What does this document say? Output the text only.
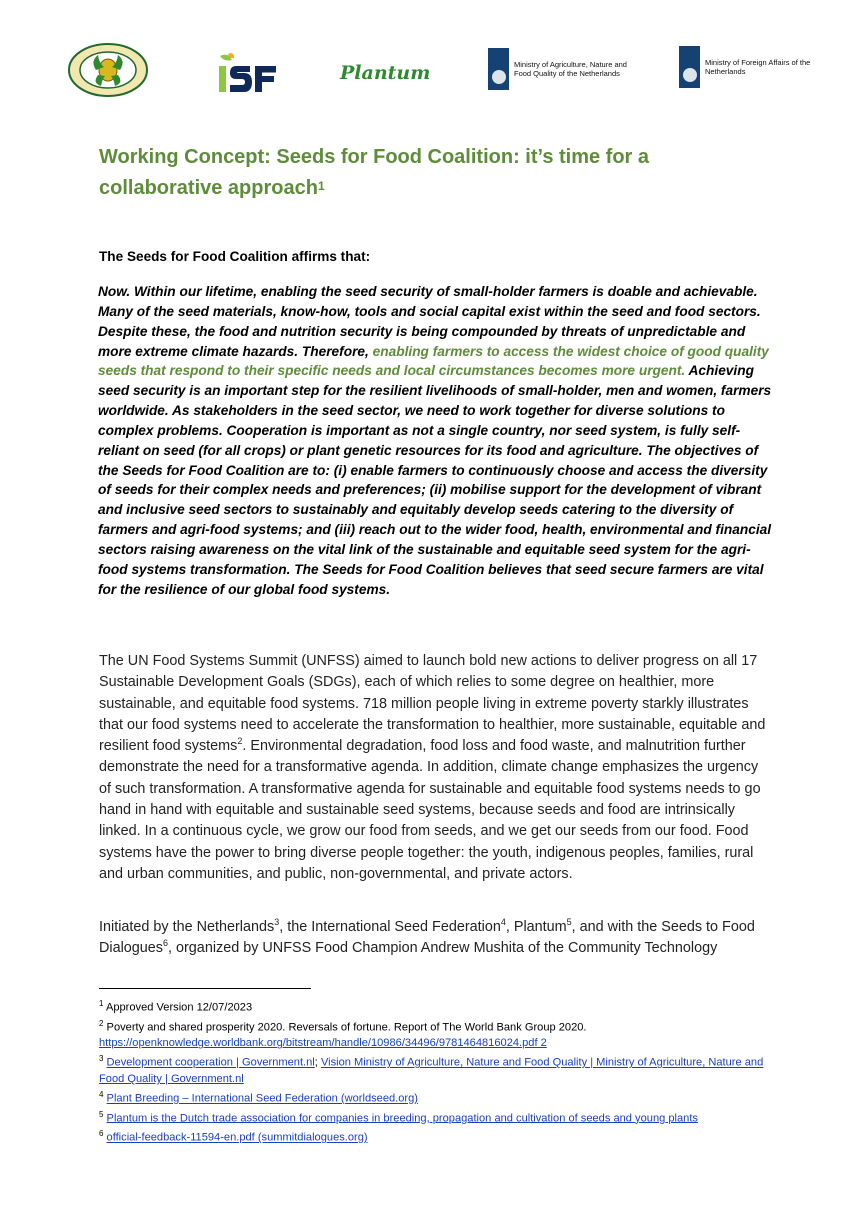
Plantum	Ministry of Agriculture, Nature and Food Quality of the Netherlands
Ministry of Foreign Affairs of the Netherlands
Working Concept: Seeds for Food Coalition: it’s time for a collaborative approach$^1$

The Seeds for Food Coalition affirms that:

Now. Within our lifetime, enabling the seed security of small-holder farmers is doable and achievable. Many of the seed materials, know-how, tools and social capital exist within the seed and food sectors. Despite these, the food and nutrition security is being compounded by threats of unpredictable and more extreme climate hazards. Therefore, enabling farmers to access the widest choice of good quality seeds that respond to their specific needs and local circumstances becomes more urgent. Achieving seed security is an important step for the resilient livelihoods of small-holder, men and women, farmers worldwide. As stakeholders in the seed sector, we need to work together for diverse solutions to complex problems. Cooperation is important as not a single country, nor seed system, is fully self-reliant on seed (for all crops) or plant genetic resources for its food and agriculture. The objectives of the Seeds for Food Coalition are to: (i) enable farmers to continuously choose and access the diversity of seeds for their complex needs and preferences; (ii) mobilise support for the development of vibrant and inclusive seed sectors to sustainably and equitably develop seeds catering to the diversity of farmers and agri-food systems; and (iii) reach out to the wider food, health, environmental and financial sectors raising awareness on the vital link of the sustainable and equitable seed system for the agri-food systems transformation. The Seeds for Food Coalition believes that seed secure farmers are vital for the resilience of our global food systems.

The UN Food Systems Summit (UNFSS) aimed to launch bold new actions to deliver progress on all 17 Sustainable Development Goals (SDGs), each of which relies to some degree on healthier, more sustainable, and equitable food systems. 718 million people living in extreme poverty starkly illustrates that our food systems need to accelerate the transformation to healthier, more sustainable, equitable and resilient food systems$^2$. Environmental degradation, food loss and food waste, and malnutrition further demonstrate the need for a transformative agenda. In addition, climate change emphasizes the urgency of such transformation. A transformative agenda for sustainable and equitable food systems needs to go hand in hand with equitable and sustainable seed systems, because seeds and food are intrinsically linked. In a continuous cycle, we grow our food from seeds, and we get our seeds from our food. Food systems have the power to bring diverse people together: the youth, indigenous peoples, families, rural and urban communities, and public, non-governmental, and private actors.

Initiated by the Netherlands$^3$, the International Seed Federation$^4$, Plantum$^5$, and with the Seeds to Food Dialogues$^6$, organized by UNFSS Food Champion Andrew Mushita of the Community Technology

$^1$ Approved Version 12/07/2023

$^2$ Poverty and shared prosperity 2020. Reversals of fortune. Report of The World Bank Group 2020.
https://openknowledge.worldbank.org/bitstream/handle/10986/34496/9781464816024.pdf 2

$^3$ Development cooperation | Government.nl; Vision Ministry of Agriculture, Nature and Food Quality | Ministry of Agriculture, Nature and Food Quality | Government.nl

$^4$ Plant Breeding – International Seed Federation (worldseed.org)

$^5$ Plantum is the Dutch trade association for companies in breeding, propagation and cultivation of seeds and young plants

$^6$ official-feedback-11594-en.pdf (summitdialogues.org)
